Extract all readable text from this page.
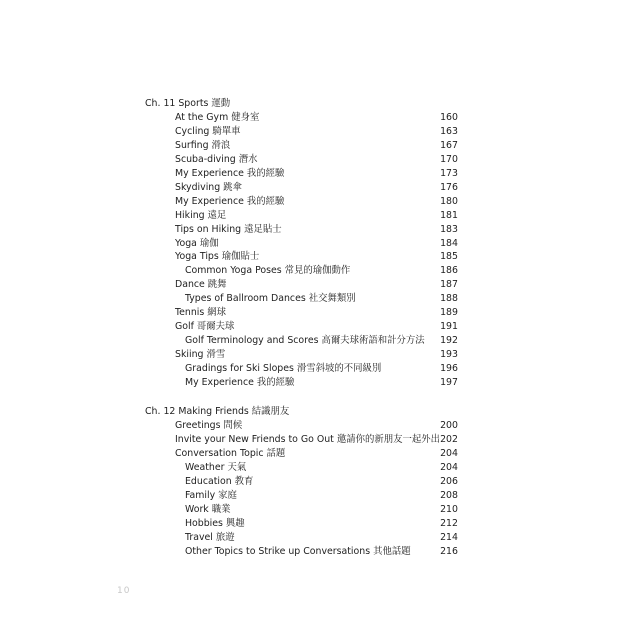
Ch. 11 Sports 運動
At the Gym 健身室	160
Cycling 騎單車	163
Surfing 滑浪	167
Scuba-diving 潛水	170
My Experience 我的經驗	173
Skydiving 跳傘	176
My Experience 我的經驗	180
Hiking 遠足	181
Tips on Hiking 遠足貼士	183
Yoga 瑜伽	184
Yoga Tips 瑜伽貼士	185
Common Yoga Poses 常見的瑜伽動作	186
Dance 跳舞	187
Types of Ballroom Dances 社交舞類別	188
Tennis 網球	189
Golf 哥爾夫球	191
Golf Terminology and Scores 高爾夫球術語和計分方法 192
Skiing 滑雪	193
Gradings for Ski Slopes 滑雪斜坡的不同級別	196
My Experience 我的經驗	197
Ch. 12 Making Friends 結識朋友
Greetings 問候	200
Invite your New Friends to Go Out 邀請你的新朋友一起外出 202
Conversation Topic 話題	204
Weather 天氣	204
Education 教育	206
Family 家庭	208
Work 職業	210
Hobbies 興趣	212
Travel 旅遊	214
Other Topics to Strike up Conversations 其他話題	216
10
